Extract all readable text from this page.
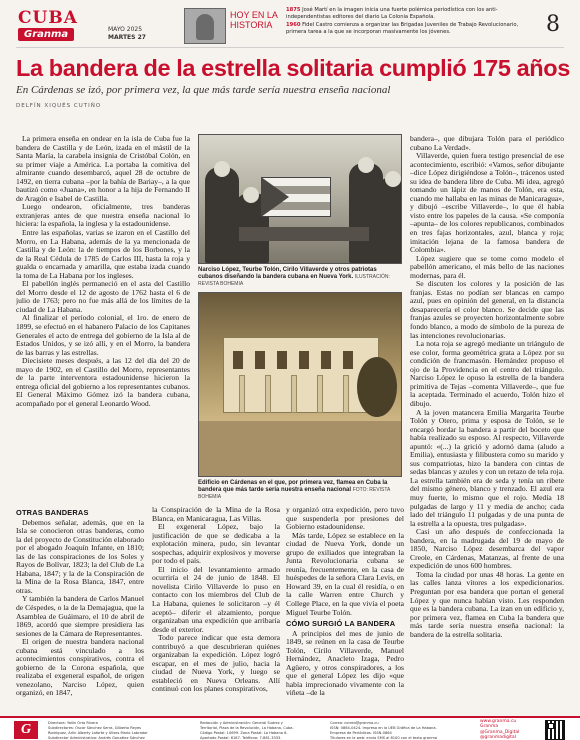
CUBA
Granma	MAYO 2025
MARTES 27
HOY EN LA
HISTORIA

1875 José Martí en la imagen inicia una fuerte polémica periodística con los anti-independentistas editores del diario La Colonia Española.

1960 Fidel Castro comienza a organizar las Brigadas Juveniles de Trabajo Revolucionario, primera tarea a la que se incorporan masivamente los jóvenes.	8
La bandera de la estrella solitaria cumplió 175 años
En Cárdenas se izó, por primera vez, la que más tarde sería nuestra enseña nacional
DELFÍN XIQUÉS CUTIÑO

La primera enseña en ondear en la isla de Cuba fue la bandera de Castilla y de León, izada en el mástil de la Santa María, la carabela insignia de Cristóbal Colón, en su primer viaje a América. La portaba la comitiva del almirante cuando desembarcó, aquel 28 de octubre de 1492, en tierra cubana –por la bahía de Bariay–, a la que bautizó como «Juana», en honor a la hija de Fernando II de Aragón e Isabel de Castilla.

Luego ondearon, oficialmente, tres banderas extranjeras antes de que nuestra enseña nacional lo hiciera: la española, la inglesa y la estadounidense.

Entre las españolas, varias se izaron en el Castillo del Morro, en La Habana, además de la ya mencionada de Castilla y de León: la de tiempos de los Borbones, y la de la Real Cédula de 1785 de Carlos III, hasta la roja y gualda o encarnada y amarilla, que estaba izada cuando la toma de La Habana por los ingleses.

El pabellón inglés permaneció en el asta del Castillo del Morro desde el 12 de agosto de 1762 hasta el 6 de julio de 1763; pero no fue más allá de los límites de la ciudad de La Habana.

Al finalizar el período colonial, el 1ro. de enero de 1899, se efectuó en el habanero Palacio de los Capitanes Generales el acto de entrega del gobierno de la Isla al de Estados Unidos, y se izó allí, y en el Morro, la bandera de las barras y las estrellas.

Diecisiete meses después, a las 12 del día del 20 de mayo de 1902, en el Castillo del Morro, representantes de la parte interventora estadounidense hicieron la entrega oficial del gobierno a los representantes cubanos. El General Máximo Gómez izó la bandera cubana, acompañado por el general Leonardo Wood.

Narciso López, Teurbe Tolón, Cirilo Villaverde y otros patriotas cubanos diseñando la bandera cubana en Nueva York. ILUSTRACIÓN: REVISTA BOHEMIA
Edificio en Cárdenas en el que, por primera vez, flamea en Cuba la bandera que más tarde sería nuestra enseña nacional FOTO: REVISTA BOHEMIA

bandera–, que dibujara Tolón para el periódico cubano La Verdad».

Villaverde, quien fuera testigo presencial de ese acontecimiento, escribió: «Vamos, señor dibujante –dice López dirigiéndose a Tolón–, trácenos usted su idea de bandera libre de Cuba. Mi idea, agregó tomando un lápiz de manos de Tolón, era esta, cuando me hallaba en las minas de Manicaragua», y dibujó –escribe Villaverde–, lo que él había visto entre los papeles de la causa. «Se componía –apunta– de los colores republicanos, combinados en tres fajas horizontales, azul, blanca y roja; imitación lejana de la famosa bandera de Colombia».

López sugiere que se tome como modelo el pabellón americano, el más bello de las naciones modernas, para él.

Se discuten los colores y la posición de las franjas. Estas no podían ser blancas en campo azul, pues en opinión del general, en la distancia desaparecería el color blanco. Se decide que las franjas azules se proyecten horizontalmente sobre fondo blanco, a modo de símbolo de la pureza de las intenciones revolucionarias.

La nota roja se agregó mediante un triángulo de ese color, forma geométrica grata a López por su condición de francmasón. Hernández propuso el ojo de la Providencia en el centro del triángulo. Narciso López le opuso la estrella de la bandera primitiva de Tejas –comenta Villaverde–, que fue la aceptada. Terminado el acuerdo, Tolón hizo el dibujo.

A la joven matancera Emilia Margarita Teurbe Tolón y Otero, prima y esposa de Tolón, se le encargó bordar la bandera a partir del boceto que había realizado su esposo. Al respecto, Villaverde apuntó: «(...) la grició y adornó dama (aludo a Emilia), entusiasta y filibustera como su marido y sus compatriotas, hizo la bandera con cintas de sedas blancas y azules y con un retazo de tela roja. La estrella también era de seda y tenía un ribete del mismo género, blanco y trenzado. El azul era muy fuerte, lo mismo que el rojo. Medía 18 pulgadas de largo y 11 y media de ancho; cada lado del triángulo 11 pulgadas y de una punta de la estrella a la opuesta, tres pulgadas».

Casi un año después de confeccionada la bandera, en la madrugada del 19 de mayo de 1850, Narciso López desembarca del vapor Creole, en Cárdenas, Matanzas, al frente de una expedición de unos 600 hombres.

Toma la ciudad por unas 48 horas. La gente en las calles lanza vítores a los expedicionarios. Preguntan por esa bandera que portan el general López y que nunca habían visto. Les responden que es la bandera cubana. La izan en un edificio y, por primera vez, flamea en Cuba la bandera que más tarde sería nuestra enseña nacional: la bandera de la estrella solitaria.

OTRAS BANDERAS

Debemos señalar, además, que en la Isla se conocieron otras banderas, como la del proyecto de Constitución elaborado por el abogado Joaquín Infante, en 1810; las de las conspiraciones de los Soles y Rayos de Bolívar, 1823; la del Club de La Habana, 1847; y la de la Conspiración de la Mina de la Rosa Blanca, 1847, entre otras.

Y también la bandera de Carlos Manuel de Céspedes, o la de la Demajagua, que la Asamblea de Guáimaro, el 10 de abril de 1869, acordó que siempre presidiera las sesiones de la Cámara de Representantes.

El origen de nuestra bandera nacional cubana está vinculado a los acontecimientos conspirativos, contra el gobierno de la Corona española, que realizaba el exgeneral español, de origen venezolano, Narciso López, quien organizó, en 1847,

la Conspiración de la Mina de la Rosa Blanca, en Manicaragua, Las Villas.

El exgeneral López, bajo la justificación de que se dedicaba a la explotación minera, pudo, sin levantar sospechas, adquirir explosivos y moverse por todo el país.

El inicio del levantamiento armado ocurriría el 24 de junio de 1848. El novelista Cirilo Villaverde lo puso en contacto con los miembros del Club de La Habana, quienes le solicitaron –y él aceptó– diferir el alzamiento, porque organizaban una expedición que arribaría desde el exterior.

Todo parece indicar que esta demora contribuyó a que descubrieran quiénes organizaban la expedición. López logró escapar, en el mes de julio, hacia la ciudad de Nueva York, y luego se estableció en Nueva Orleans. Allí continuó con los planes conspirativos,

y organizó otra expedición, pero tuvo que suspenderla por presiones del Gobierno estadounidense.

Más tarde, López se establece en la ciudad de Nueva York, donde un grupo de exiliados que integraban la Junta Revolucionaria cubana se reunía, frecuentemente, en la casa de huéspedes de la señora Clara Levis, en Howard 39, en la cual él residía, o en la calle Warren entre Church y College Place, en la que vivía el poeta Miguel Teurbe Tolón.

CÓMO SURGIÓ LA BANDERA

A principios del mes de junio de 1849, se reúnen en la casa de Teurbe Tolón, Cirilo Villaverde, Manuel Hernández, Anacleto Izaga, Pedro Agüero, y otros conspiradores, a los que el general López les dijo «que había imprecionado vivamente con la viñeta –de la

G	Directora: Yailin Orta Rivera

Subdirectores: Oscar Sánchez Serra, Gilberto Reyes

Rodríguez, Arlín Alberty Loforte y Ulises Mario Labrador

Subdirector Administrativo: Andrés González Sánchez

Redacción y Administración: General Suárez y

Territorial, Plaza de la Revolución, La Habana, Cuba.

Código Postal: 10699. Zona Postal: La Habana 6.

Apartado Postal: 6187. Teléfono: 7-881-3333.

Correo: correo@granma.cu

ISSN: 0864-0424. Impreso en la UEB Gráfica de La Habana.

Empresa de Periódicos. ISSN-0864

Titulares en la web: envía SMS al 8100 con el texto granma

www.granma.cu
Granma
@Granma_Digital
@granmadigital
